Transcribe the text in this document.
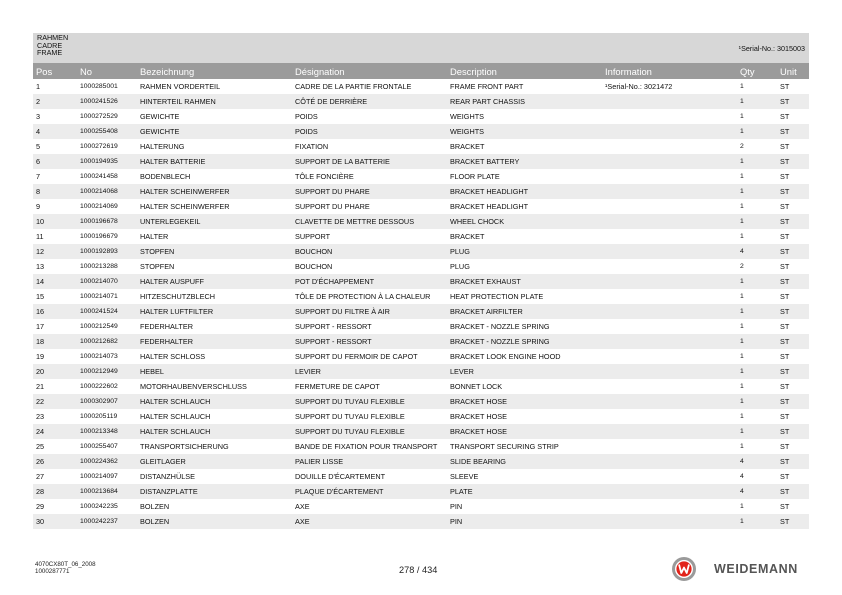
RAHMEN
CADRE
FRAME	¹Serial-No.: 3015003
Pos	No	Bezeichnung	Désignation	Description	Information	Qty	Unit
1	1000285001	RAHMEN VORDERTEIL	CADRE DE LA PARTIE FRONTALE	FRAME FRONT PART	¹Serial-No.: 3021472	1	ST
2	1000241526	HINTERTEIL RAHMEN	CÔTÉ DE DERRIÈRE	REAR PART CHASSIS		1	ST
3	1000272529	GEWICHTE	POIDS	WEIGHTS		1	ST
4	1000255408	GEWICHTE	POIDS	WEIGHTS		1	ST
5	1000272619	HALTERUNG	FIXATION	BRACKET		2	ST
6	1000194935	HALTER BATTERIE	SUPPORT DE LA BATTERIE	BRACKET BATTERY		1	ST
7	1000241458	BODENBLECH	TÔLE FONCIÈRE	FLOOR PLATE		1	ST
8	1000214068	HALTER SCHEINWERFER	SUPPORT DU PHARE	BRACKET HEADLIGHT		1	ST
9	1000214069	HALTER SCHEINWERFER	SUPPORT DU PHARE	BRACKET HEADLIGHT		1	ST
10	1000196678	UNTERLEGEKEIL	CLAVETTE DE METTRE DESSOUS	WHEEL CHOCK		1	ST
11	1000196679	HALTER	SUPPORT	BRACKET		1	ST
12	1000192893	STOPFEN	BOUCHON	PLUG		4	ST
13	1000213288	STOPFEN	BOUCHON	PLUG		2	ST
14	1000214070	HALTER AUSPUFF	POT D'ÉCHAPPEMENT	BRACKET EXHAUST		1	ST
15	1000214071	HITZESCHUTZBLECH	TÔLE DE PROTECTION À LA CHALEUR	HEAT PROTECTION PLATE		1	ST
16	1000241524	HALTER LUFTFILTER	SUPPORT DU FILTRE À AIR	BRACKET AIRFILTER		1	ST
17	1000212549	FEDERHALTER	SUPPORT - RESSORT	BRACKET - NOZZLE SPRING		1	ST
18	1000212682	FEDERHALTER	SUPPORT - RESSORT	BRACKET - NOZZLE SPRING		1	ST
19	1000214073	HALTER SCHLOSS	SUPPORT DU FERMOIR DE CAPOT	BRACKET LOOK ENGINE HOOD		1	ST
20	1000212949	HEBEL	LEVIER	LEVER		1	ST
21	1000222602	MOTORHAUBENVERSCHLUSS	FERMETURE DE CAPOT	BONNET LOCK		1	ST
22	1000302907	HALTER SCHLAUCH	SUPPORT DU TUYAU FLEXIBLE	BRACKET HOSE		1	ST
23	1000205119	HALTER SCHLAUCH	SUPPORT DU TUYAU FLEXIBLE	BRACKET HOSE		1	ST
24	1000213348	HALTER SCHLAUCH	SUPPORT DU TUYAU FLEXIBLE	BRACKET HOSE		1	ST
25	1000255407	TRANSPORTSICHERUNG	BANDE DE FIXATION POUR TRANSPORT	TRANSPORT SECURING STRIP		1	ST
26	1000224362	GLEITLAGER	PALIER LISSE	SLIDE BEARING		4	ST
27	1000214097	DISTANZHÜLSE	DOUILLE D'ÉCARTEMENT	SLEEVE		4	ST
28	1000213684	DISTANZPLATTE	PLAQUE D'ÉCARTEMENT	PLATE		4	ST
29	1000242235	BOLZEN	AXE	PIN		1	ST
30	1000242237	BOLZEN	AXE	PIN		1	ST
4070CX80T_06_2008
1000287771	278 / 434	WEIDEMANN
